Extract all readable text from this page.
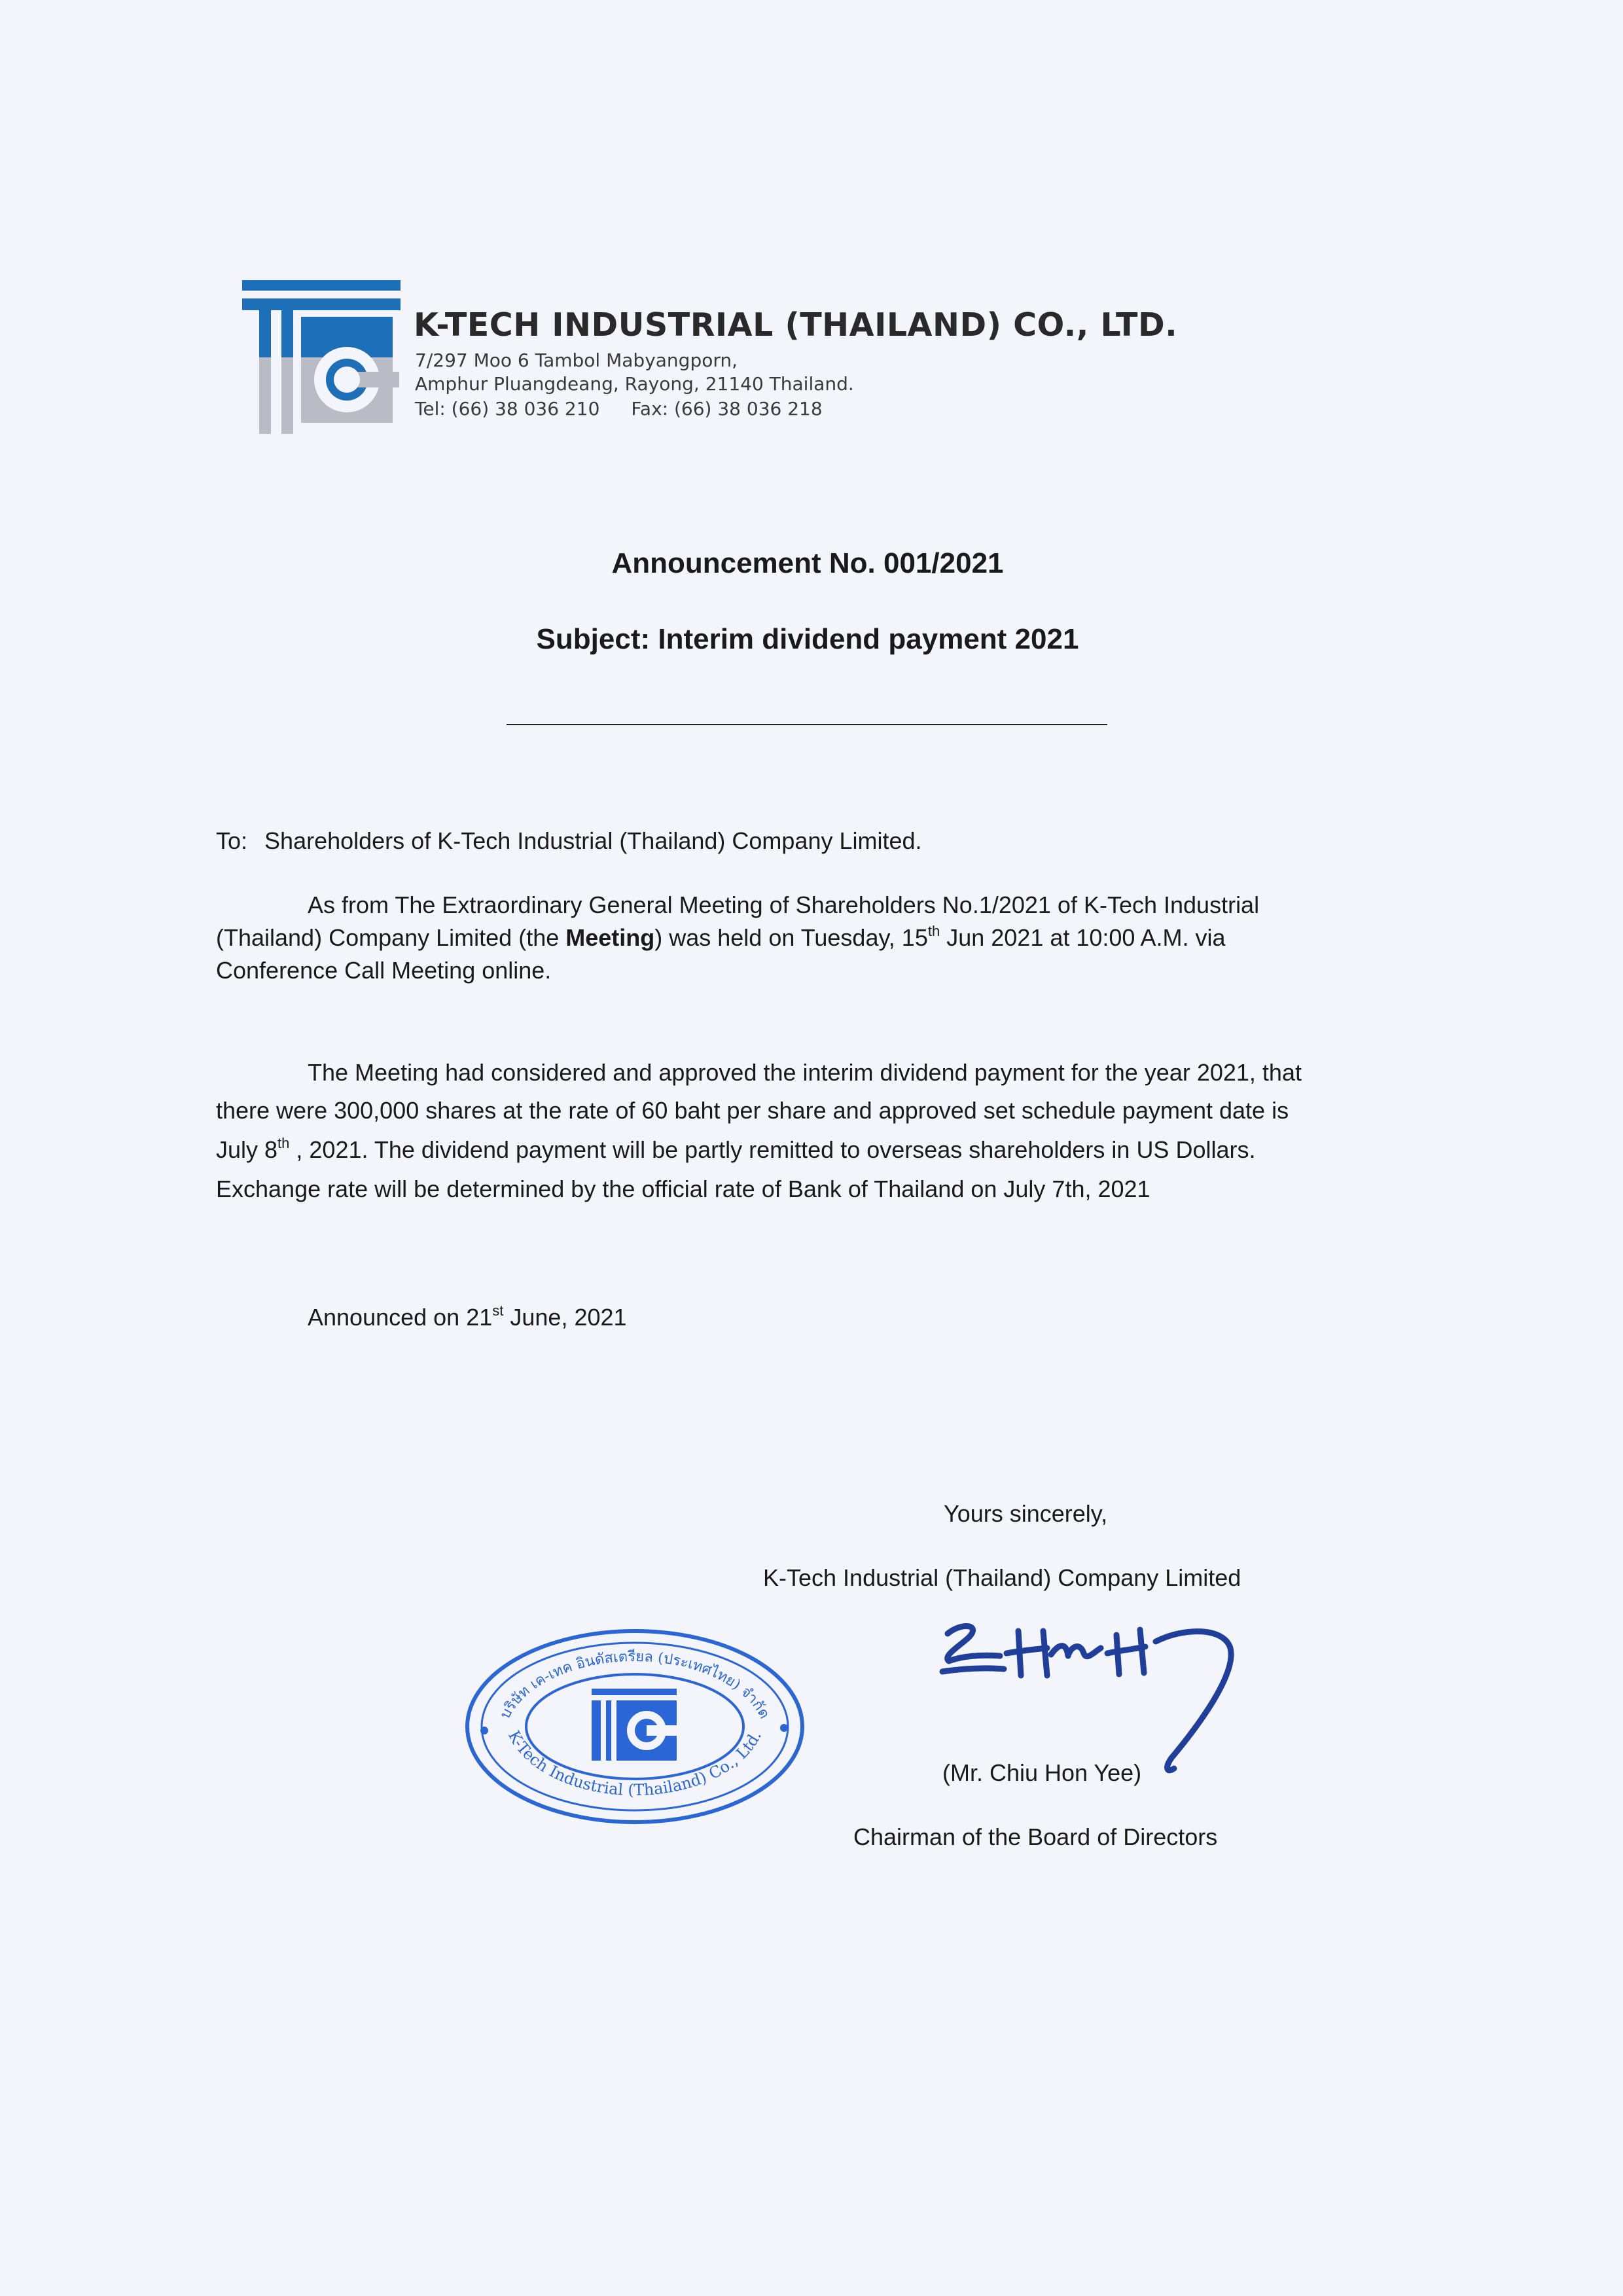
K-TECH INDUSTRIAL (THAILAND) CO., LTD.
7/297 Moo 6 Tambol Mabyangporn,
Amphur Pluangdeang, Rayong, 21140 Thailand.
Tel: (66) 38 036 210 Fax: (66) 38 036 218
Announcement No. 001/2021
Subject: Interim dividend payment 2021
To: Shareholders of K-Tech Industrial (Thailand) Company Limited.
As from The Extraordinary General Meeting of Shareholders No.1/2021 of K-Tech Industrial
(Thailand) Company Limited (the Meeting) was held on Tuesday, 15th Jun 2021 at 10:00 A.M. via
Conference Call Meeting online.
The Meeting had considered and approved the interim dividend payment for the year 2021, that
there were 300,000 shares at the rate of 60 baht per share and approved set schedule payment date is
July 8th , 2021. The dividend payment will be partly remitted to overseas shareholders in US Dollars.
Exchange rate will be determined by the official rate of Bank of Thailand on July 7th, 2021
Announced on 21st June, 2021
Yours sincerely,
K-Tech Industrial (Thailand) Company Limited
บริษัท เค-เทค อินดัสเตรียล (ประเทศไทย) จำกัด
K-Tech Industrial (Thailand) Co., Ltd.
(Mr. Chiu Hon Yee)
Chairman of the Board of Directors
